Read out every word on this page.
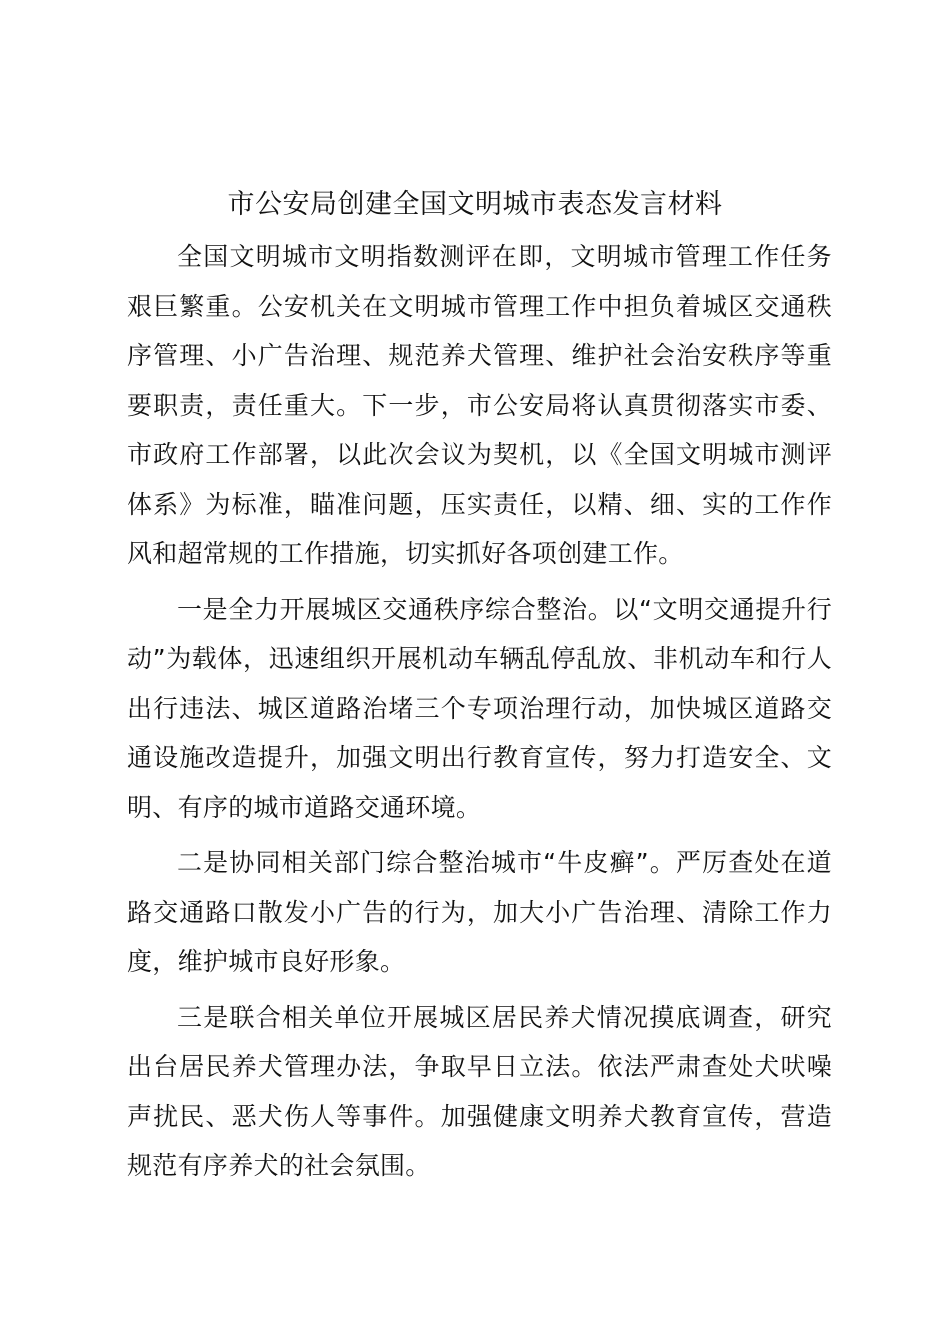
市公安局创建全国文明城市表态发言材料

全国文明城市文明指数测评在即，文明城市管理工作任务艰巨繁重。公安机关在文明城市管理工作中担负着城区交通秩序管理、小广告治理、规范养犬管理、维护社会治安秩序等重要职责，责任重大。下一步，市公安局将认真贯彻落实市委、市政府工作部署，以此次会议为契机，以《全国文明城市测评体系》为标准，瞄准问题，压实责任，以精、细、实的工作作风和超常规的工作措施，切实抓好各项创建工作。

一是全力开展城区交通秩序综合整治。以“文明交通提升行动”为载体，迅速组织开展机动车辆乱停乱放、非机动车和行人出行违法、城区道路治堵三个专项治理行动，加快城区道路交通设施改造提升，加强文明出行教育宣传，努力打造安全、文明、有序的城市道路交通环境。

二是协同相关部门综合整治城市“牛皮癣”。严厉查处在道路交通路口散发小广告的行为，加大小广告治理、清除工作力度，维护城市良好形象。

三是联合相关单位开展城区居民养犬情况摸底调查，研究出台居民养犬管理办法，争取早日立法。依法严肃查处犬吠噪声扰民、恶犬伤人等事件。加强健康文明养犬教育宣传，营造规范有序养犬的社会氛围。
